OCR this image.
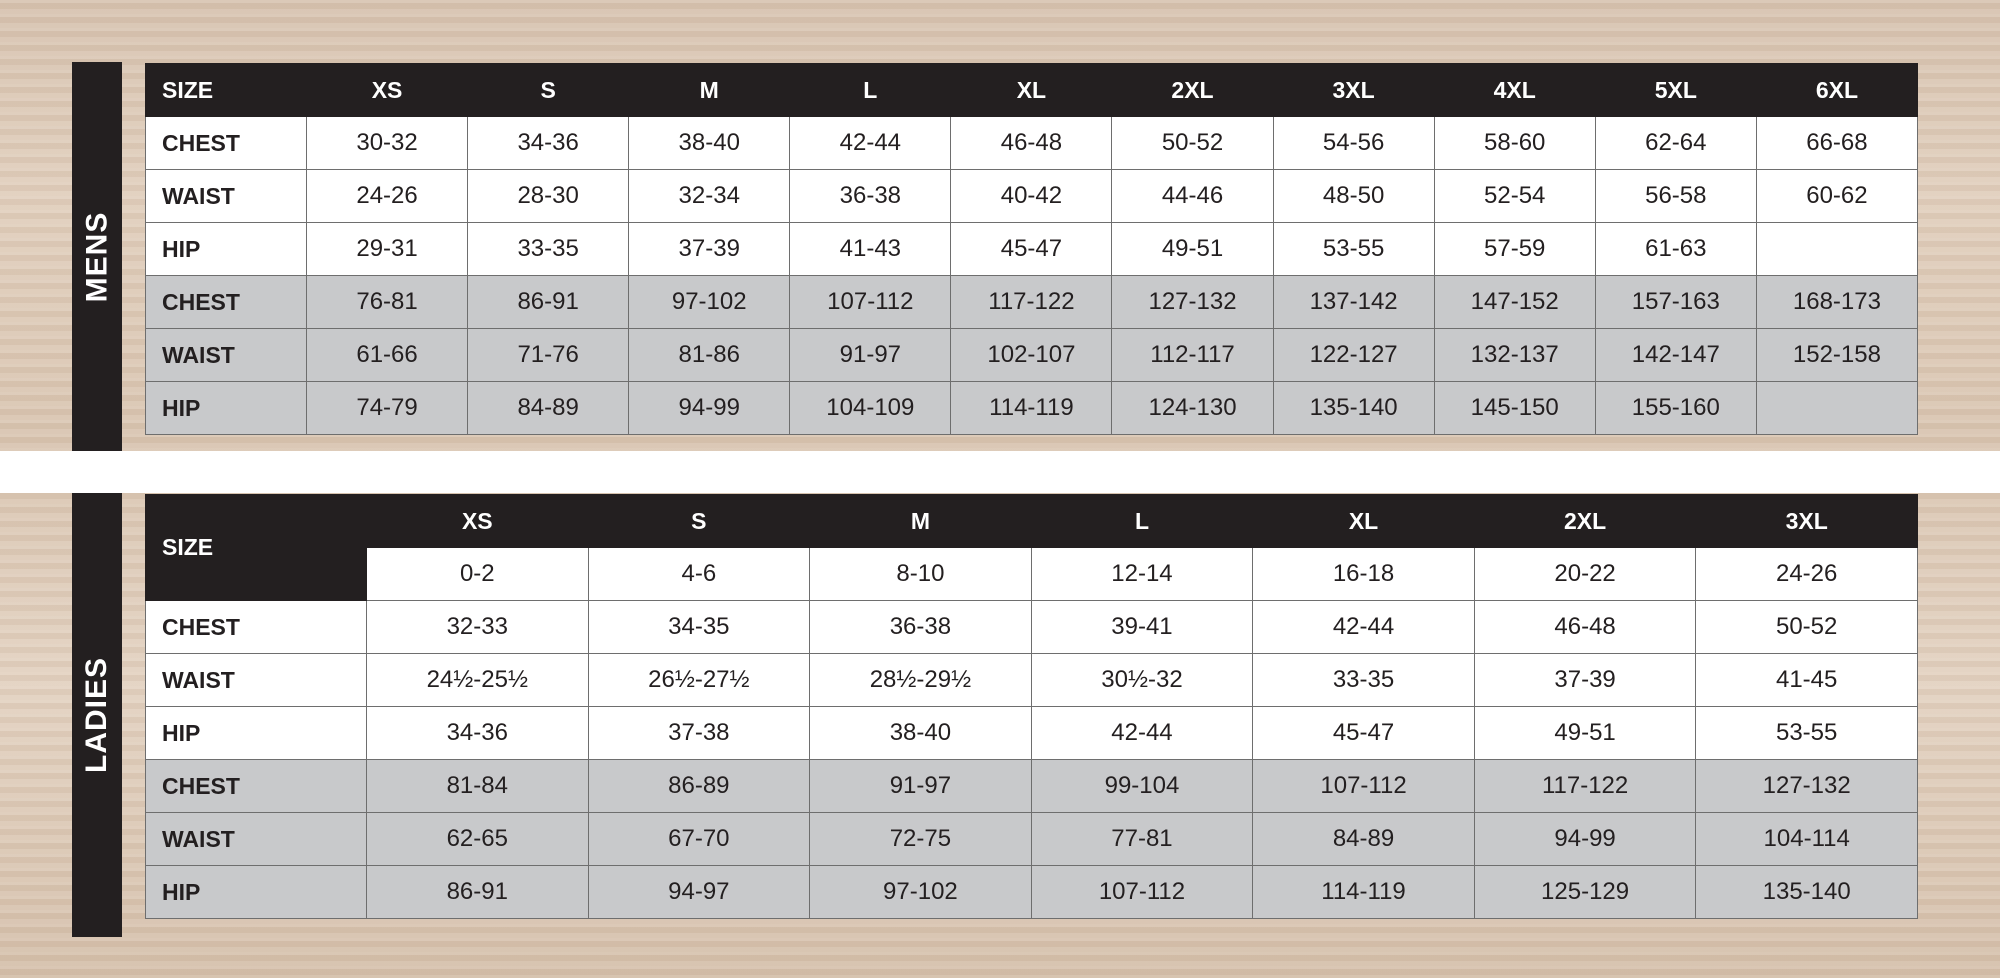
MENS
SIZE	XS	S	M	L	XL	2XL	3XL	4XL	5XL	6XL
CHEST	30-32	34-36	38-40	42-44	46-48	50-52	54-56	58-60	62-64	66-68
WAIST	24-26	28-30	32-34	36-38	40-42	44-46	48-50	52-54	56-58	60-62
HIP	29-31	33-35	37-39	41-43	45-47	49-51	53-55	57-59	61-63	
CHEST	76-81	86-91	97-102	107-112	117-122	127-132	137-142	147-152	157-163	168-173
WAIST	61-66	71-76	81-86	91-97	102-107	112-117	122-127	132-137	142-147	152-158
HIP	74-79	84-89	94-99	104-109	114-119	124-130	135-140	145-150	155-160	
LADIES
SIZE	XS	S	M	L	XL	2XL	3XL
	0-2	4-6	8-10	12-14	16-18	20-22	24-26
CHEST	32-33	34-35	36-38	39-41	42-44	46-48	50-52
WAIST	24½-25½	26½-27½	28½-29½	30½-32	33-35	37-39	41-45
HIP	34-36	37-38	38-40	42-44	45-47	49-51	53-55
CHEST	81-84	86-89	91-97	99-104	107-112	117-122	127-132
WAIST	62-65	67-70	72-75	77-81	84-89	94-99	104-114
HIP	86-91	94-97	97-102	107-112	114-119	125-129	135-140
